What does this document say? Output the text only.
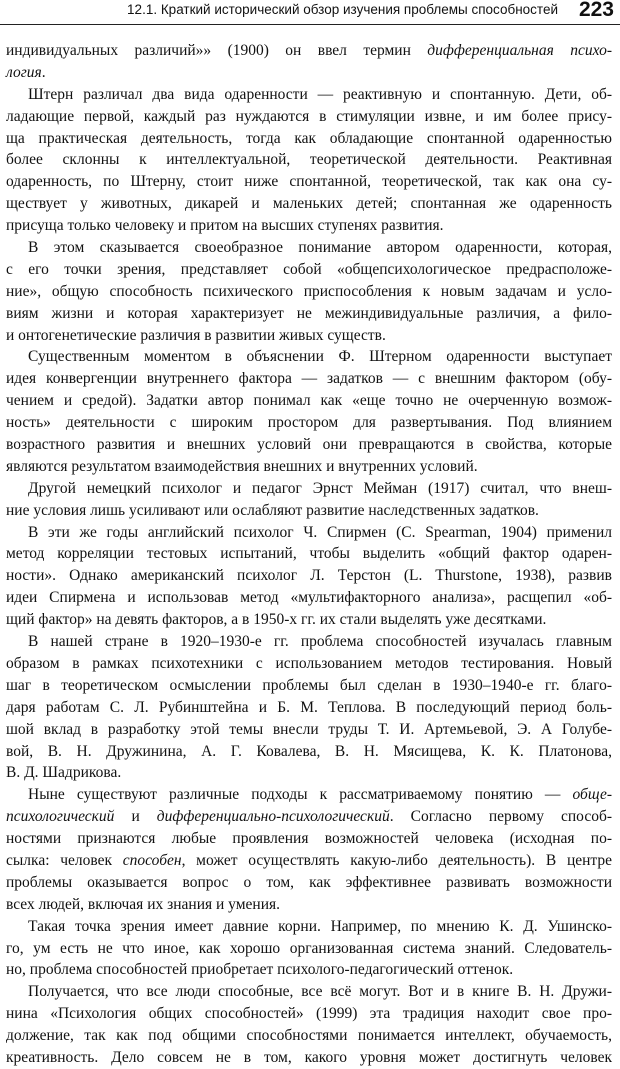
12.1. Краткий исторический обзор изучения проблемы способностей 223
индивидуальных различий»» (1900) он ввел термин дифференциальная психо-
логия.
Штерн различал два вида одаренности — реактивную и спонтанную. Дети, об-
ладающие первой, каждый раз нуждаются в стимуляции извне, и им более прису-
ща практическая деятельность, тогда как обладающие спонтанной одаренностью
более склонны к интеллектуальной, теоретической деятельности. Реактивная
одаренность, по Штерну, стоит ниже спонтанной, теоретической, так как она су-
ществует у животных, дикарей и маленьких детей; спонтанная же одаренность
присуща только человеку и притом на высших ступенях развития.
В этом сказывается своеобразное понимание автором одаренности, которая,
с его точки зрения, представляет собой «общепсихологическое предрасположе-
ние», общую способность психического приспособления к новым задачам и усло-
виям жизни и которая характеризует не межиндивидуальные различия, а фило-
и онтогенетические различия в развитии живых существ.
Существенным моментом в объяснении Ф. Штерном одаренности выступает
идея конвергенции внутреннего фактора — задатков — с внешним фактором (обу-
чением и средой). Задатки автор понимал как «еще точно не очерченную возмож-
ность» деятельности с широким простором для развертывания. Под влиянием
возрастного развития и внешних условий они превращаются в свойства, которые
являются результатом взаимодействия внешних и внутренних условий.
Другой немецкий психолог и педагог Эрнст Мейман (1917) считал, что внеш-
ние условия лишь усиливают или ослабляют развитие наследственных задатков.
В эти же годы английский психолог Ч. Спирмен (C. Spearman, 1904) применил
метод корреляции тестовых испытаний, чтобы выделить «общий фактор одарен-
ности». Однако американский психолог Л. Терстон (L. Thurstone, 1938), развив
идеи Спирмена и использовав метод «мультифакторного анализа», расщепил «об-
щий фактор» на девять факторов, а в 1950-х гг. их стали выделять уже десятками.
В нашей стране в 1920–1930-е гг. проблема способностей изучалась главным
образом в рамках психотехники с использованием методов тестирования. Новый
шаг в теоретическом осмыслении проблемы был сделан в 1930–1940-е гг. благо-
даря работам С. Л. Рубинштейна и Б. М. Теплова. В последующий период боль-
шой вклад в разработку этой темы внесли труды Т. И. Артемьевой, Э. А Голубе-
вой, В. Н. Дружинина, А. Г. Ковалева, В. Н. Мясищева, К. К. Платонова,
В. Д. Шадрикова.
Ныне существуют различные подходы к рассматриваемому понятию — обще-
психологический и дифференциально-психологический. Согласно первому способ-
ностями признаются любые проявления возможностей человека (исходная по-
сылка: человек способен, может осуществлять какую-либо деятельность). В центре
проблемы оказывается вопрос о том, как эффективнее развивать возможности
всех людей, включая их знания и умения.
Такая точка зрения имеет давние корни. Например, по мнению К. Д. Ушинско-
го, ум есть не что иное, как хорошо организованная система знаний. Следователь-
но, проблема способностей приобретает психолого-педагогический оттенок.
Получается, что все люди способные, все всё могут. Вот и в книге В. Н. Дружи-
нина «Психология общих способностей» (1999) эта традиция находит свое про-
должение, так как под общими способностями понимается интеллект, обучаемость,
креативность. Дело совсем не в том, какого уровня может достигнуть человек
